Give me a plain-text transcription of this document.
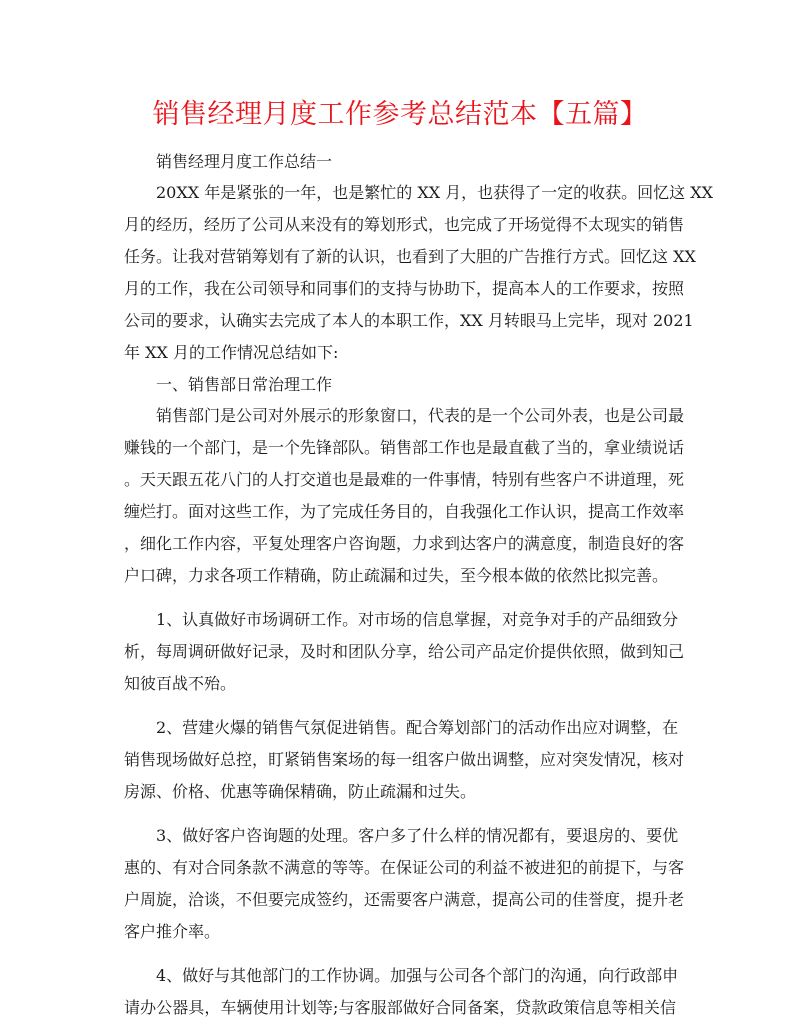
销售经理月度工作参考总结范本【五篇】
销售经理月度工作总结一

20XX 年是紧张的一年，也是繁忙的 XX 月，也获得了一定的收获。回忆这 XX
月的经历，经历了公司从来没有的筹划形式，也完成了开场觉得不太现实的销售
任务。让我对营销筹划有了新的认识，也看到了大胆的广告推行方式。回忆这 XX
月的工作，我在公司领导和同事们的支持与协助下，提高本人的工作要求，按照
公司的要求，认确实去完成了本人的本职工作，XX 月转眼马上完毕，现对 2021
年 XX 月的工作情况总结如下:

一、销售部日常治理工作

销售部门是公司对外展示的形象窗口，代表的是一个公司外表，也是公司最
赚钱的一个部门，是一个先锋部队。销售部工作也是最直截了当的，拿业绩说话
。天天跟五花八门的人打交道也是最难的一件事情，特别有些客户不讲道理，死
缠烂打。面对这些工作，为了完成任务目的，自我强化工作认识，提高工作效率
，细化工作内容，平复处理客户咨询题，力求到达客户的满意度，制造良好的客
户口碑，力求各项工作精确，防止疏漏和过失，至今根本做的依然比拟完善。

1、认真做好市场调研工作。对市场的信息掌握，对竞争对手的产品细致分
析，每周调研做好记录，及时和团队分享，给公司产品定价提供依照，做到知己
知彼百战不殆。

2、营建火爆的销售气氛促进销售。配合筹划部门的活动作出应对调整，在
销售现场做好总控，盯紧销售案场的每一组客户做出调整，应对突发情况，核对
房源、价格、优惠等确保精确，防止疏漏和过失。

3、做好客户咨询题的处理。客户多了什么样的情况都有，要退房的、要优
惠的、有对合同条款不满意的等等。在保证公司的利益不被进犯的前提下，与客
户周旋，洽谈，不但要完成签约，还需要客户满意，提高公司的佳誉度，提升老
客户推介率。

4、做好与其他部门的工作协调。加强与公司各个部门的沟通，向行政部申
请办公器具，车辆使用计划等;与客服部做好合同备案，贷款政策信息等相关信
